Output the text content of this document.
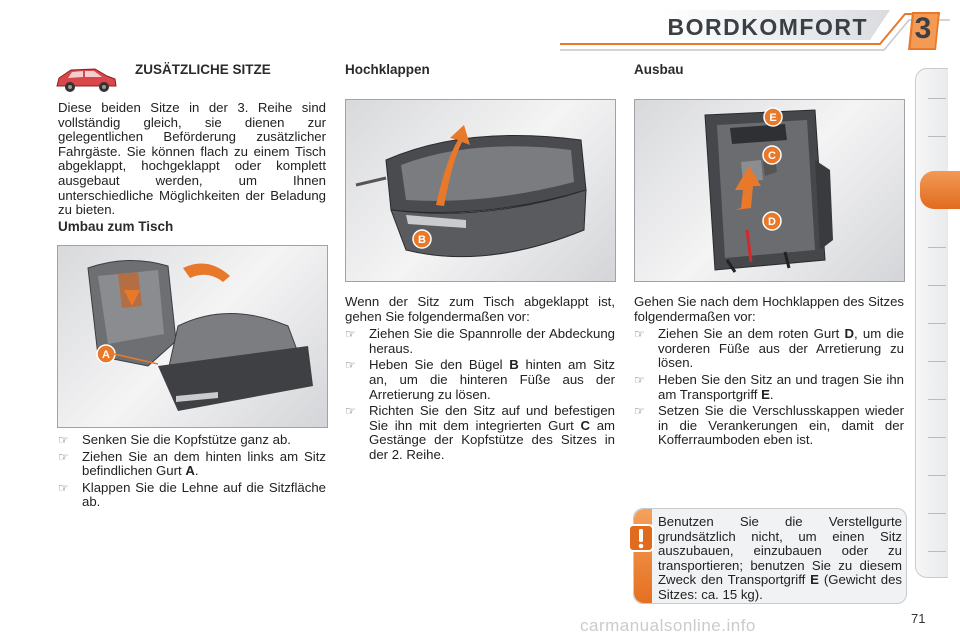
BORDKOMFORT 3
ZUSÄTZLICHE SITZE

Diese beiden Sitze in der 3. Reihe sind vollständig gleich, sie dienen zur gelegentlichen Beförderung zusätzlicher Fahrgäste. Sie können flach zu einem Tisch abgeklappt, hochgeklappt oder komplett ausgebaut werden, um Ihnen unterschiedliche Möglichkeiten der Beladung zu bieten.

Umbau zum Tisch
A
☞ Senken Sie die Kopfstütze ganz ab.
☞ Ziehen Sie an dem hinten links am Sitz befindlichen Gurt A.
☞ Klappen Sie die Lehne auf die Sitzfläche ab.
Hochklappen
B

Wenn der Sitz zum Tisch abgeklappt ist, gehen Sie folgendermaßen vor:

☞ Ziehen Sie die Spannrolle der Abdeckung heraus.
☞ Heben Sie den Bügel B hinten am Sitz an, um die hinteren Füße aus der Arretierung zu lösen.
☞ Richten Sie den Sitz auf und befestigen Sie ihn mit dem integrierten Gurt C am Gestänge der Kopfstütze des Sitzes in der 2. Reihe.
Ausbau
E
C
D

Gehen Sie nach dem Hochklappen des Sitzes folgendermaßen vor:

☞ Ziehen Sie an dem roten Gurt D, um die vorderen Füße aus der Arretierung zu lösen.
☞ Heben Sie den Sitz an und tragen Sie ihn am Transportgriff E.
☞ Setzen Sie die Verschlusskappen wieder in die Verankerungen ein, damit der Kofferraumboden eben ist.
Benutzen Sie die Verstellgurte grundsätzlich nicht, um einen Sitz auszubauen, einzubauen oder zu transportieren; benutzen Sie zu diesem Zweck den Transportgriff E (Gewicht des Sitzes: ca. 15 kg).
carmanualsonline.info	71
